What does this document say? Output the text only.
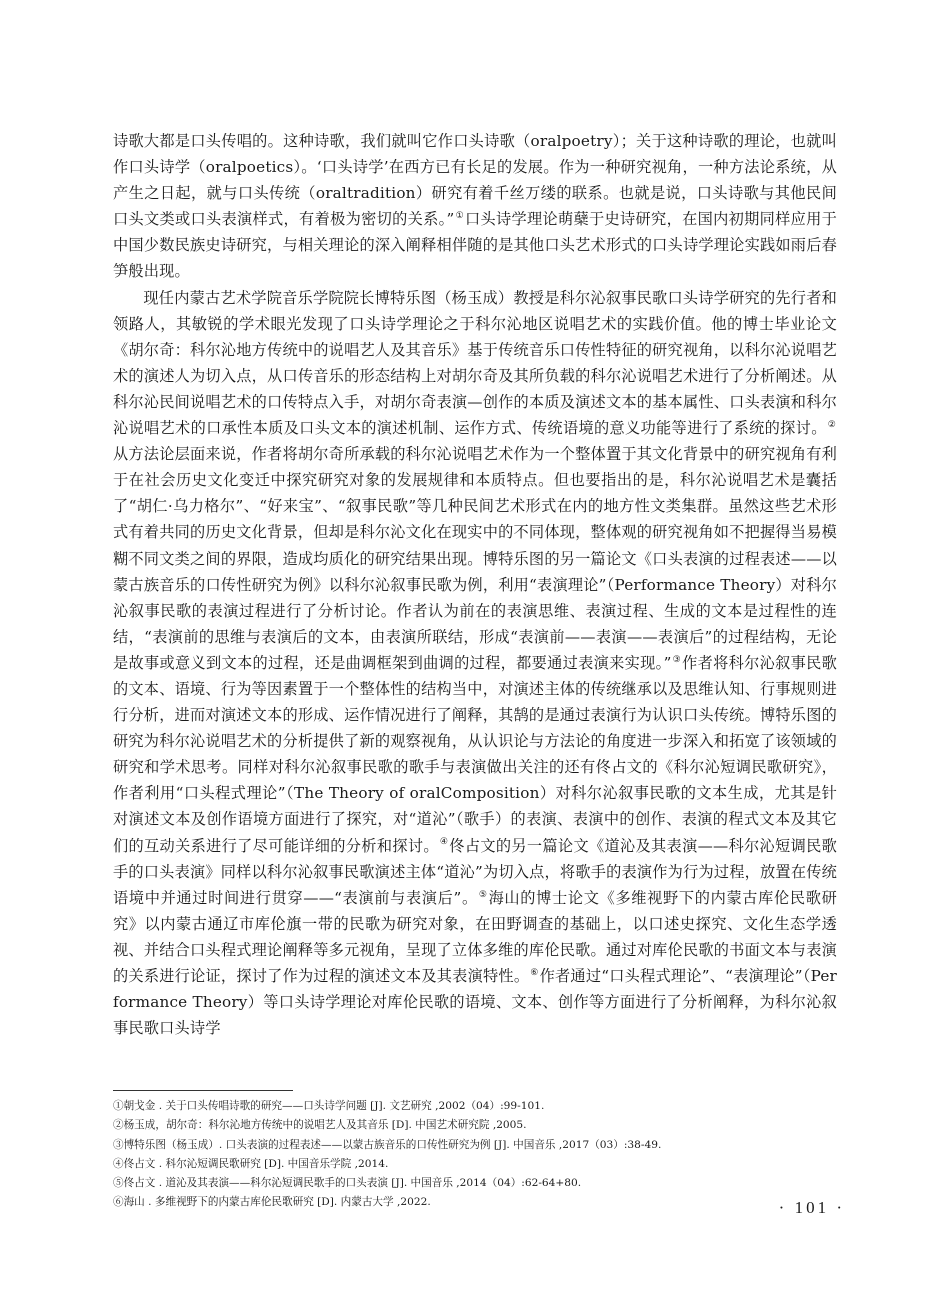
诗歌大都是口头传唱的。这种诗歌，我们就叫它作口头诗歌（oralpoetry）；关于这种诗歌的理论，也就叫作口头诗学（oralpoetics）。‘口头诗学’在西方已有长足的发展。作为一种研究视角，一种方法论系统，从产生之日起，就与口头传统（oraltradition）研究有着千丝万缕的联系。也就是说，口头诗歌与其他民间口头文类或口头表演样式，有着极为密切的关系。”①口头诗学理论萌蘖于史诗研究，在国内初期同样应用于中国少数民族史诗研究，与相关理论的深入阐释相伴随的是其他口头艺术形式的口头诗学理论实践如雨后春笋般出现。

现任内蒙古艺术学院音乐学院院长博特乐图（杨玉成）教授是科尔沁叙事民歌口头诗学研究的先行者和领路人，其敏锐的学术眼光发现了口头诗学理论之于科尔沁地区说唱艺术的实践价值。他的博士毕业论文《胡尔奇：科尔沁地方传统中的说唱艺人及其音乐》基于传统音乐口传性特征的研究视角，以科尔沁说唱艺术的演述人为切入点，从口传音乐的形态结构上对胡尔奇及其所负载的科尔沁说唱艺术进行了分析阐述。从科尔沁民间说唱艺术的口传特点入手，对胡尔奇表演—创作的本质及演述文本的基本属性、口头表演和科尔沁说唱艺术的口承性本质及口头文本的演述机制、运作方式、传统语境的意义功能等进行了系统的探讨。②从方法论层面来说，作者将胡尔奇所承载的科尔沁说唱艺术作为一个整体置于其文化背景中的研究视角有利于在社会历史文化变迁中探究研究对象的发展规律和本质特点。但也要指出的是，科尔沁说唱艺术是囊括了“胡仁·乌力格尔”、“好来宝”、“叙事民歌”等几种民间艺术形式在内的地方性文类集群。虽然这些艺术形式有着共同的历史文化背景，但却是科尔沁文化在现实中的不同体现，整体观的研究视角如不把握得当易模糊不同文类之间的界限，造成均质化的研究结果出现。博特乐图的另一篇论文《口头表演的过程表述——以蒙古族音乐的口传性研究为例》以科尔沁叙事民歌为例，利用“表演理论”（Performance Theory）对科尔沁叙事民歌的表演过程进行了分析讨论。作者认为前在的表演思维、表演过程、生成的文本是过程性的连结，“表演前的思维与表演后的文本，由表演所联结，形成“表演前——表演——表演后”的过程结构，无论是故事或意义到文本的过程，还是曲调框架到曲调的过程，都要通过表演来实现。”③作者将科尔沁叙事民歌的文本、语境、行为等因素置于一个整体性的结构当中，对演述主体的传统继承以及思维认知、行事规则进行分析，进而对演述文本的形成、运作情况进行了阐释，其鹄的是通过表演行为认识口头传统。博特乐图的研究为科尔沁说唱艺术的分析提供了新的观察视角，从认识论与方法论的角度进一步深入和拓宽了该领域的研究和学术思考。同样对科尔沁叙事民歌的歌手与表演做出关注的还有佟占文的《科尔沁短调民歌研究》，作者利用“口头程式理论”（The Theory of oralComposition）对科尔沁叙事民歌的文本生成，尤其是针对演述文本及创作语境方面进行了探究，对“道沁”（歌手）的表演、表演中的创作、表演的程式文本及其它们的互动关系进行了尽可能详细的分析和探讨。④佟占文的另一篇论文《道沁及其表演——科尔沁短调民歌手的口头表演》同样以科尔沁叙事民歌演述主体“道沁”为切入点，将歌手的表演作为行为过程，放置在传统语境中并通过时间进行贯穿——“表演前与表演后”。⑤海山的博士论文《多维视野下的内蒙古库伦民歌研究》以内蒙古通辽市库伦旗一带的民歌为研究对象，在田野调查的基础上，以口述史探究、文化生态学透视、并结合口头程式理论阐释等多元视角，呈现了立体多维的库伦民歌。通过对库伦民歌的书面文本与表演的关系进行论证，探讨了作为过程的演述文本及其表演特性。⑥作者通过“口头程式理论”、“表演理论”（Performance Theory）等口头诗学理论对库伦民歌的语境、文本、创作等方面进行了分析阐释，为科尔沁叙事民歌口头诗学

①朝戈金 . 关于口头传唱诗歌的研究——口头诗学问题 [J]. 文艺研究 ,2002（04）:99-101.
②杨玉成，胡尔奇：科尔沁地方传统中的说唱艺人及其音乐 [D]. 中国艺术研究院 ,2005.
③博特乐图（杨玉成）. 口头表演的过程表述——以蒙古族音乐的口传性研究为例 [J]. 中国音乐 ,2017（03）:38-49.
④佟占文 . 科尔沁短调民歌研究 [D]. 中国音乐学院 ,2014.
⑤佟占文 . 道沁及其表演——科尔沁短调民歌手的口头表演 [J]. 中国音乐 ,2014（04）:62-64+80.
⑥海山 . 多维视野下的内蒙古库伦民歌研究 [D]. 内蒙古大学 ,2022.	· 101 ·
